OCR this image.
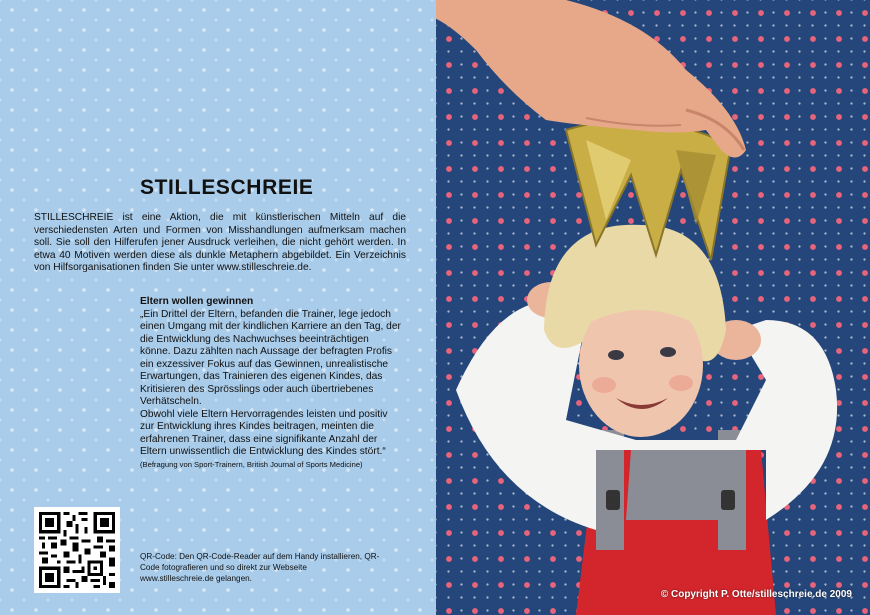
STILLESCHREIE

STILLESCHREIE ist eine Aktion, die mit künstlerischen Mitteln auf die verschiedensten Arten und Formen von Misshandlungen aufmerksam machen soll. Sie soll den Hilferufen jener Ausdruck verleihen, die nicht gehört werden. In etwa 40 Motiven werden diese als dunkle Metaphern abgebildet. Ein Verzeichnis von Hilfsorganisationen finden Sie unter www.stilleschreie.de.

Eltern wollen gewinnen

„Ein Drittel der Eltern, befanden die Trainer, lege jedoch einen Umgang mit der kindlichen Karriere an den Tag, der die Entwicklung des Nachwuchses beeinträchtigen könne. Dazu zählten nach Aussage der befragten Profis ein exzessiver Fokus auf das Gewinnen, unrealistische Erwartungen, das Trainieren des eigenen Kindes, das Kritisieren des Sprösslings oder auch übertriebenes Verhätscheln.

Obwohl viele Eltern Hervorragendes leisten und positiv zur Entwicklung ihres Kindes beitragen, meinten die erfahrenen Trainer, dass eine signifikante Anzahl der Eltern unwissentlich die Entwicklung des Kindes stört.“

(Befragung von Sport-Trainern, British Journal of Sports Medicine)

QR-Code: Den QR-Code-Reader auf dem Handy installieren, QR-Code fotografieren und so direkt zur Webseite www.stilleschreie.de gelangen.

© Copyright P. Otte/stilleschreie.de 2009
